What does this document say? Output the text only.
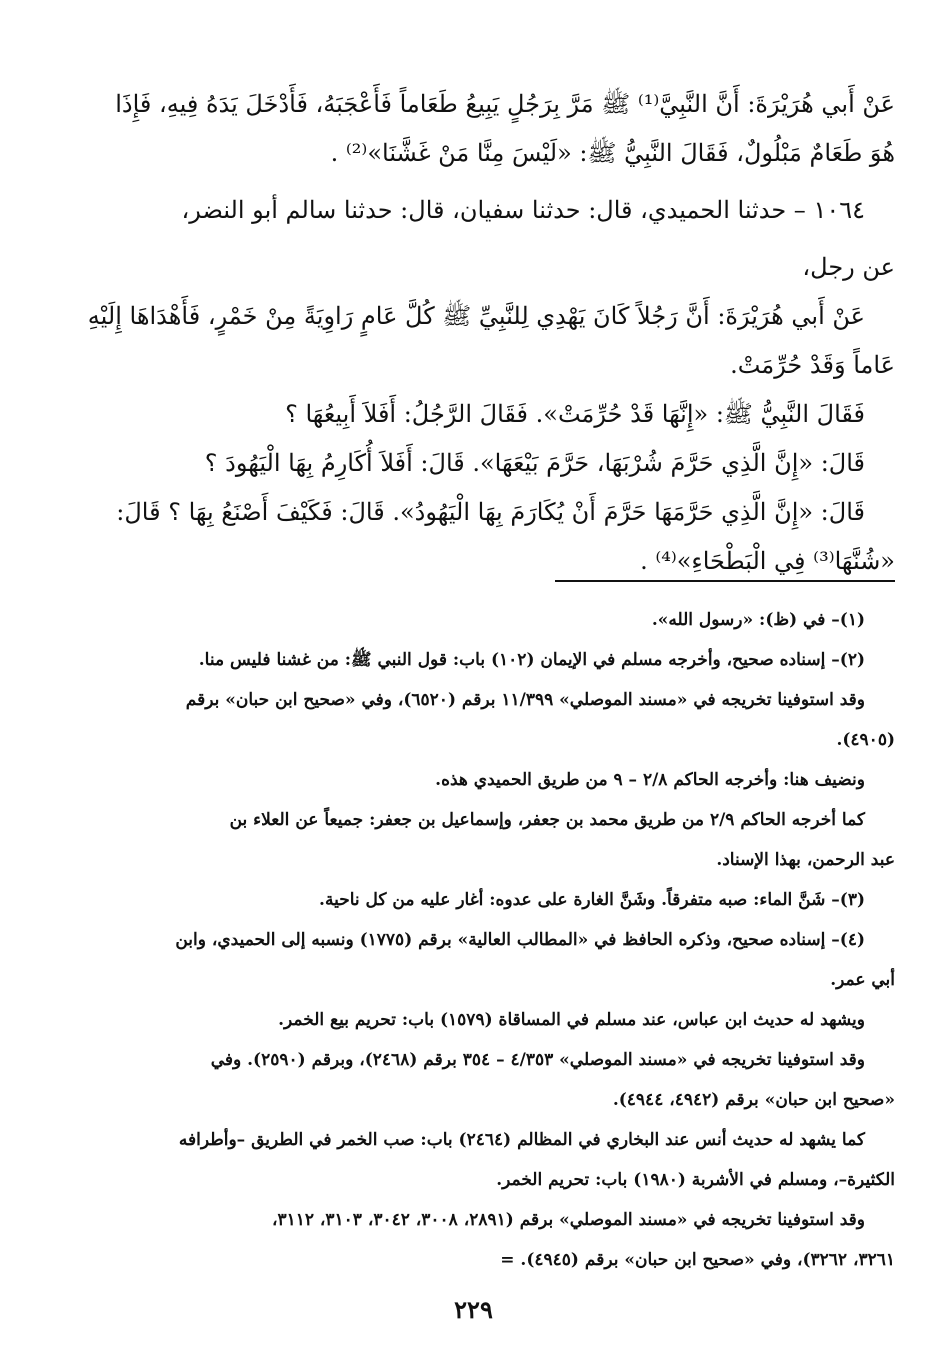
عَنْ أَبي هُرَيْرَةَ: أَنَّ النَّبِيَّ⁽¹⁾ ﷺ مَرَّ بِرَجُلٍ يَبِيعُ طَعَاماً فَأَعْجَبَهُ، فَأَدْخَلَ يَدَهُ فِيهِ، فَإِذَا

هُوَ طَعَامٌ مَبْلُولٌ، فَقَالَ النَّبِيُّ ﷺ: «لَيْسَ مِنَّا مَنْ غَشَّنَا»⁽²⁾ .

١٠٦٤ – حدثنا الحميدي، قال: حدثنا سفيان، قال: حدثنا سالم أبو النضر،

عن رجل،

عَنْ أَبي هُرَيْرَةَ: أَنَّ رَجُلاً كَانَ يَهْدِي لِلنَّبِيِّ ﷺ كُلَّ عَامٍ رَاوِيَةً مِنْ خَمْرٍ، فَأَهْدَاهَا إِلَيْهِ

عَاماً وَقَدْ حُرِّمَتْ.

فَقَالَ النَّبِيُّ ﷺ: «إِنَّهَا قَدْ حُرِّمَتْ». فَقَالَ الرَّجُلُ: أَفَلاَ أَبِيعُهَا ؟

قَالَ: «إِنَّ الَّذِي حَرَّمَ شُرْبَهَا، حَرَّمَ بَيْعَهَا». قَالَ: أَفَلاَ أُكَارِمُ بِهَا الْيَهُودَ ؟

قَالَ: «إِنَّ الَّذِي حَرَّمَهَا حَرَّمَ أَنْ يُكَارَمَ بِهَا الْيَهُودُ». قَالَ: فَكَيْفَ أَصْنَعُ بِهَا ؟ قَالَ:

«شُنَّهَا⁽³⁾ فِي الْبَطْحَاءِ»⁽⁴⁾ .

(١)– في (ظ): «رسول الله».

(٢)– إسناده صحيح، وأخرجه مسلم في الإيمان (١٠٢) باب: قول النبي ﷺ: من غشنا فليس منا.

وقد استوفينا تخريجه في «مسند الموصلي» ١١/٣٩٩ برقم (٦٥٢٠)، وفي «صحيح ابن حبان» برقم

(٤٩٠٥).

ونضيف هنا: وأخرجه الحاكم ٢/٨ – ٩ من طريق الحميدي هذه.

كما أخرجه الحاكم ٢/٩ من طريق محمد بن جعفر، وإسماعيل بن جعفر: جميعاً عن العلاء بن

عبد الرحمن، بهذا الإسناد.

(٣)– شَنَّ الماء: صبه متفرقاً. وشَنَّ الغارة على عدوه: أغار عليه من كل ناحية.

(٤)– إسناده صحيح، وذكره الحافظ في «المطالب العالية» برقم (١٧٧٥) ونسبه إلى الحميدي، وابن

أبي عمر.

ويشهد له حديث ابن عباس، عند مسلم في المساقاة (١٥٧٩) باب: تحريم بيع الخمر.

وقد استوفينا تخريجه في «مسند الموصلي» ٤/٣٥٣ – ٣٥٤ برقم (٢٤٦٨)، وبرقم (٢٥٩٠). وفي

«صحيح ابن حبان» برقم (٤٩٤٢، ٤٩٤٤).

كما يشهد له حديث أنس عند البخاري في المظالم (٢٤٦٤) باب: صب الخمر في الطريق –وأطرافه

الكثيرة–، ومسلم في الأشربة (١٩٨٠) باب: تحريم الخمر.

وقد استوفينا تخريجه في «مسند الموصلي» برقم (٢٨٩١، ٣٠٠٨، ٣٠٤٢، ٣١٠٣، ٣١١٢،

٣٢٦١، ٣٢٦٢)، وفي «صحيح ابن حبان» برقم (٤٩٤٥). =

٢٢٩
